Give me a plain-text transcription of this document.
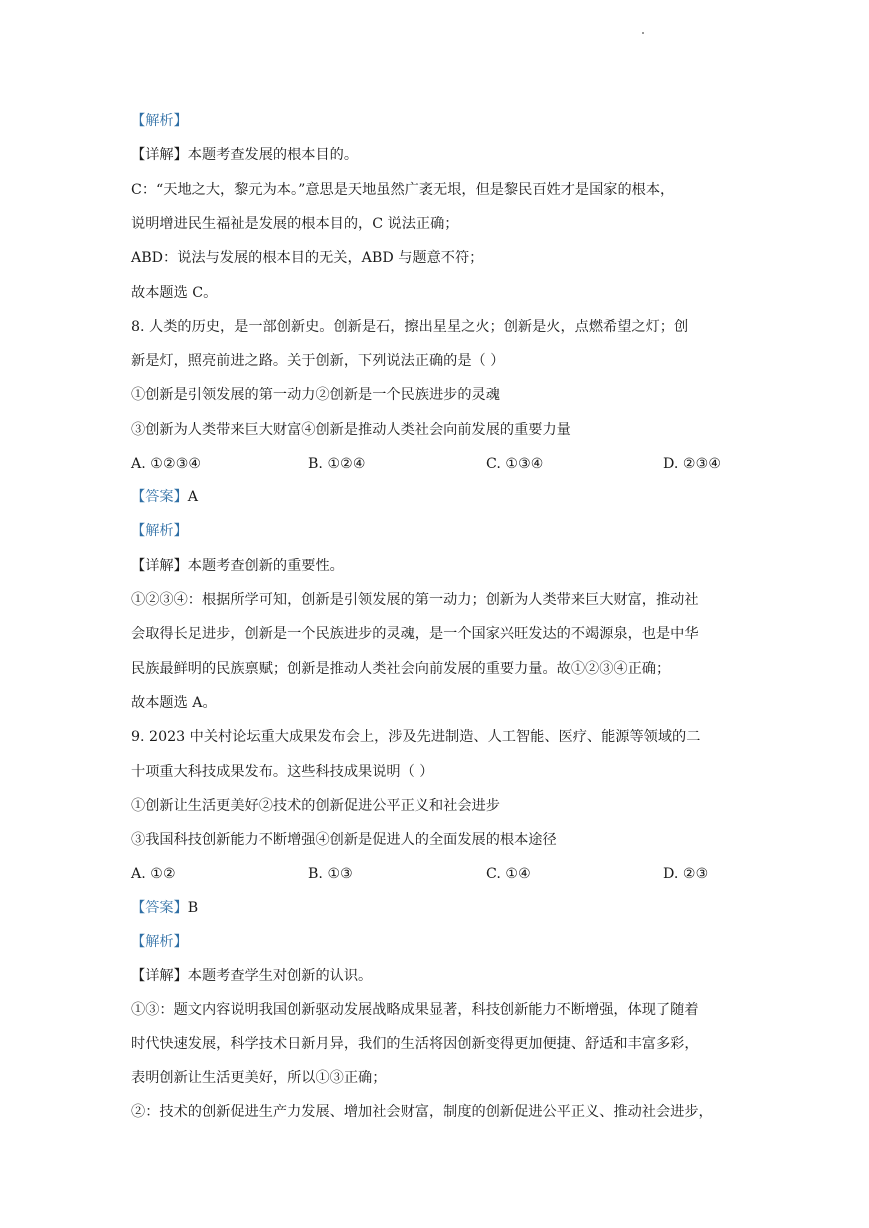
【解析】
【详解】本题考查发展的根本目的。
C：“天地之大，黎元为本。”意思是天地虽然广袤无垠，但是黎民百姓才是国家的根本，
说明增进民生福祉是发展的根本目的，C 说法正确；
ABD：说法与发展的根本目的无关，ABD 与题意不符；
故本题选 C。
8. 人类的历史，是一部创新史。创新是石，擦出星星之火；创新是火，点燃希望之灯；创
新是灯，照亮前进之路。关于创新，下列说法正确的是（ ）
①创新是引领发展的第一动力②创新是一个民族进步的灵魂
③创新为人类带来巨大财富④创新是推动人类社会向前发展的重要力量
A. ①②③④	B. ①②④	C. ①③④	D. ②③④
【答案】A
【解析】
【详解】本题考查创新的重要性。
①②③④：根据所学可知，创新是引领发展的第一动力；创新为人类带来巨大财富，推动社
会取得长足进步，创新是一个民族进步的灵魂，是一个国家兴旺发达的不竭源泉，也是中华
民族最鲜明的民族禀赋；创新是推动人类社会向前发展的重要力量。故①②③④正确；
故本题选 A。
9. 2023 中关村论坛重大成果发布会上，涉及先进制造、人工智能、医疗、能源等领域的二
十项重大科技成果发布。这些科技成果说明（ ）
①创新让生活更美好②技术的创新促进公平正义和社会进步
③我国科技创新能力不断增强④创新是促进人的全面发展的根本途径
A. ①②	B. ①③	C. ①④	D. ②③
【答案】B
【解析】
【详解】本题考查学生对创新的认识。
①③：题文内容说明我国创新驱动发展战略成果显著，科技创新能力不断增强，体现了随着
时代快速发展，科学技术日新月异，我们的生活将因创新变得更加便捷、舒适和丰富多彩，
表明创新让生活更美好，所以①③正确；
②：技术的创新促进生产力发展、增加社会财富，制度的创新促进公平正义、推动社会进步，
